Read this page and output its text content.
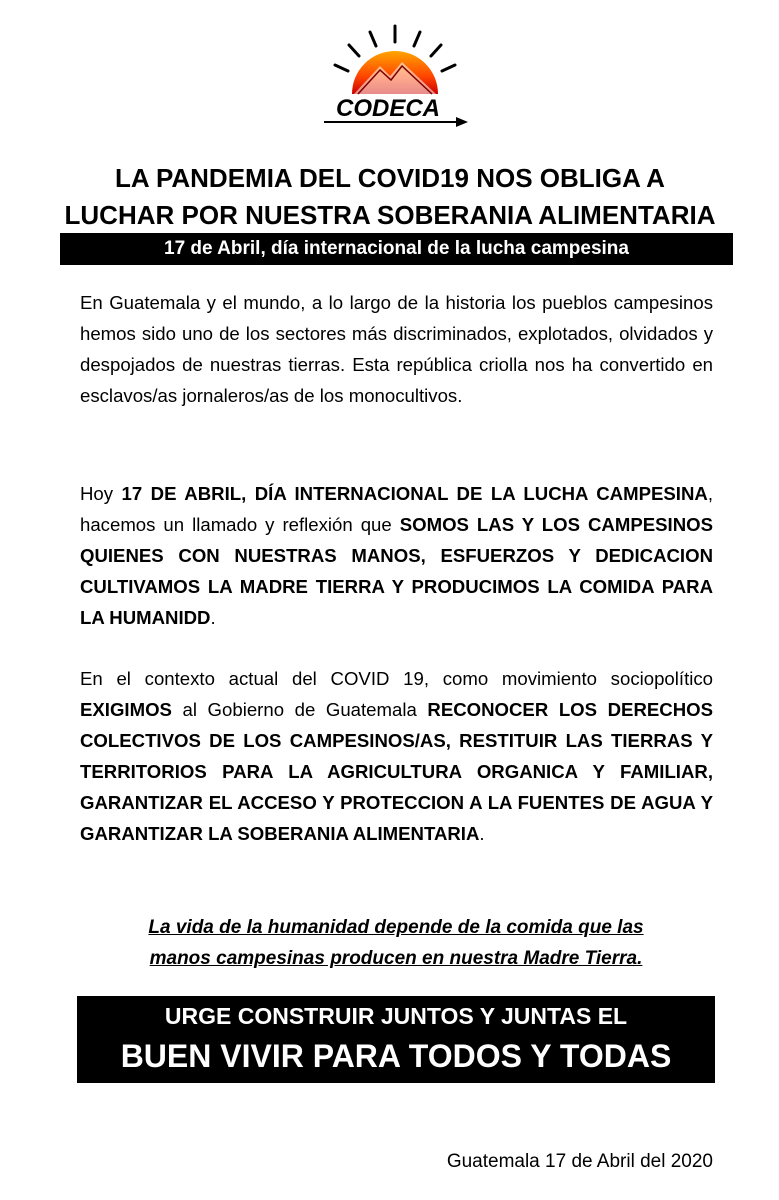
CODECA
LA PANDEMIA DEL COVID19 NOS OBLIGA A
LUCHAR POR NUESTRA SOBERANIA ALIMENTARIA
17 de Abril, día internacional de la lucha campesina
En Guatemala y el mundo, a lo largo de la historia los pueblos campesinos hemos sido uno de los sectores más discriminados, explotados, olvidados y despojados de nuestras tierras. Esta república criolla nos ha convertido en esclavos/as jornaleros/as de los monocultivos.
Hoy 17 DE ABRIL, DÍA INTERNACIONAL DE LA LUCHA CAMPESINA, hacemos un llamado y reflexión que SOMOS LAS Y LOS CAMPESINOS QUIENES CON NUESTRAS MANOS, ESFUERZOS Y DEDICACION CULTIVAMOS LA MADRE TIERRA Y PRODUCIMOS LA COMIDA PARA LA HUMANIDD.
En el contexto actual del COVID 19, como movimiento sociopolítico EXIGIMOS al Gobierno de Guatemala RECONOCER LOS DERECHOS COLECTIVOS DE LOS CAMPESINOS/AS, RESTITUIR LAS TIERRAS Y TERRITORIOS PARA LA AGRICULTURA ORGANICA Y FAMILIAR, GARANTIZAR EL ACCESO Y PROTECCION A LA FUENTES DE AGUA Y GARANTIZAR LA SOBERANIA ALIMENTARIA.
La vida de la humanidad depende de la comida que las
manos campesinas producen en nuestra Madre Tierra.
URGE CONSTRUIR JUNTOS Y JUNTAS EL
BUEN VIVIR PARA TODOS Y TODAS
Guatemala 17 de Abril del 2020
